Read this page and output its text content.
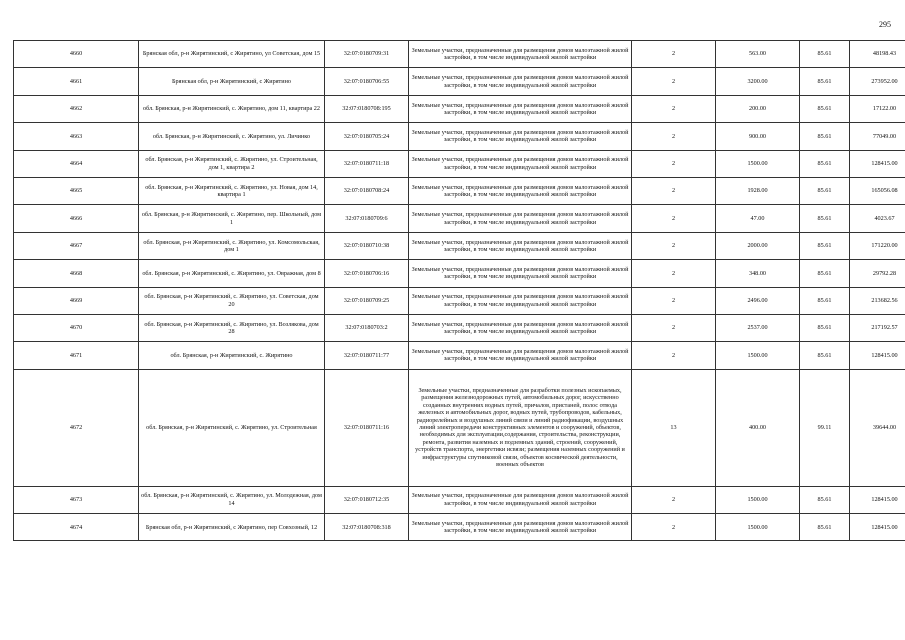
295
4660	Брянская обл, р-н Жирятинский, с Жирятино, ул Советская, дом 15	32:07:0180709:31	Земельные участки, предназначенные для размещения домов малоэтажной жилой застройки, в том числе индивидуальной жилой застройки	2	563.00	85.61	48198.43
4661	Брянская обл, р-н Жирятинский, с Жирятино	32:07:0180706:55	Земельные участки, предназначенные для размещения домов малоэтажной жилой застройки, в том числе индивидуальной жилой застройки	2	3200.00	85.61	273952.00
4662	обл. Брянская, р-н Жирятинский, с. Жирятино, дом 11, квартира 22	32:07:0180708:195	Земельные участки, предназначенные для размещения домов малоэтажной жилой застройки, в том числе индивидуальной жилой застройки	2	200.00	85.61	17122.00
4663	обл. Брянская, р-н Жирятинский, с. Жирятино, ул. Личинко	32:07:0180705:24	Земельные участки, предназначенные для размещения домов малоэтажной жилой застройки, в том числе индивидуальной жилой застройки	2	900.00	85.61	77049.00
4664	обл. Брянская, р-н Жирятинский, с. Жирятино, ул. Строительная, дом 1, квартира 2	32:07:0180711:18	Земельные участки, предназначенные для размещения домов малоэтажной жилой застройки, в том числе индивидуальной жилой застройки	2	1500.00	85.61	128415.00
4665	обл. Брянская, р-н Жирятинский, с. Жирятино, ул. Новая, дом 14, квартира 1	32:07:0180708:24	Земельные участки, предназначенные для размещения домов малоэтажной жилой застройки, в том числе индивидуальной жилой застройки	2	1928.00	85.61	165056.08
4666	обл. Брянская, р-н Жирятинский, с. Жирятино, пер. Школьный, дом 1	32:07:0180709:6	Земельные участки, предназначенные для размещения домов малоэтажной жилой застройки, в том числе индивидуальной жилой застройки	2	47.00	85.61	4023.67
4667	обл. Брянская, р-н Жирятинский, с. Жирятино, ул. Комсомольская, дом 1	32:07:0180710:38	Земельные участки, предназначенные для размещения домов малоэтажной жилой застройки, в том числе индивидуальной жилой застройки	2	2000.00	85.61	171220.00
4668	обл. Брянская, р-н Жирятинский, с. Жирятино, ул. Овражная, дом 8	32:07:0180706:16	Земельные участки, предназначенные для размещения домов малоэтажной жилой застройки, в том числе индивидуальной жилой застройки	2	348.00	85.61	29792.28
4669	обл. Брянская, р-н Жирятинский, с. Жирятино, ул. Советская, дом 20	32:07:0180709:25	Земельные участки, предназначенные для размещения домов малоэтажной жилой застройки, в том числе индивидуальной жилой застройки	2	2496.00	85.61	213682.56
4670	обл. Брянская, р-н Жирятинский, с. Жирятино, ул. Возлякова, дом 28	32:07:0180703:2	Земельные участки, предназначенные для размещения домов малоэтажной жилой застройки, в том числе индивидуальной жилой застройки	2	2537.00	85.61	217192.57
4671	обл. Брянская, р-н Жирятинский, с. Жирятино	32:07:0180711:77	Земельные участки, предназначенные для размещения домов малоэтажной жилой застройки, в том числе индивидуальной жилой застройки	2	1500.00	85.61	128415.00
4672	обл. Брянская, р-н Жирятинский, с. Жирятино, ул. Строительная	32:07:0180711:16	Земельные участки, предназначенные для разработки полезных ископаемых, размещения железнодорожных путей, автомобильных дорог, искусственно созданных внутренних водных путей, причалов, пристаней, полос отвода железных и автомобильных дорог, водных путей, трубопроводов, кабельных, радиорелейных и воздушных линий связи и линий радиофикации, воздушных линий электропередачи конструктивных элементов и сооружений, объектов, необходимых для эксплуатации,содержания, строительства, реконструкции, ремонта, развития наземных и подземных зданий, строений, сооружений, устройств транспорта, энергетики исвязи; размещения наземных сооружений и инфраструктуры спутниковой связи, объектов космической деятельности, военных объектов	13	400.00	99.11	39644.00
4673	обл. Брянская, р-н Жирятинский, с. Жирятино, ул. Молодежная, дом 14	32:07:0180712:35	Земельные участки, предназначенные для размещения домов малоэтажной жилой застройки, в том числе индивидуальной жилой застройки	2	1500.00	85.61	128415.00
4674	Брянская обл, р-н Жирятинский, с Жирятино, пер Совхозный, 12	32:07:0180708:318	Земельные участки, предназначенные для размещения домов малоэтажной жилой застройки, в том числе индивидуальной жилой застройки	2	1500.00	85.61	128415.00
